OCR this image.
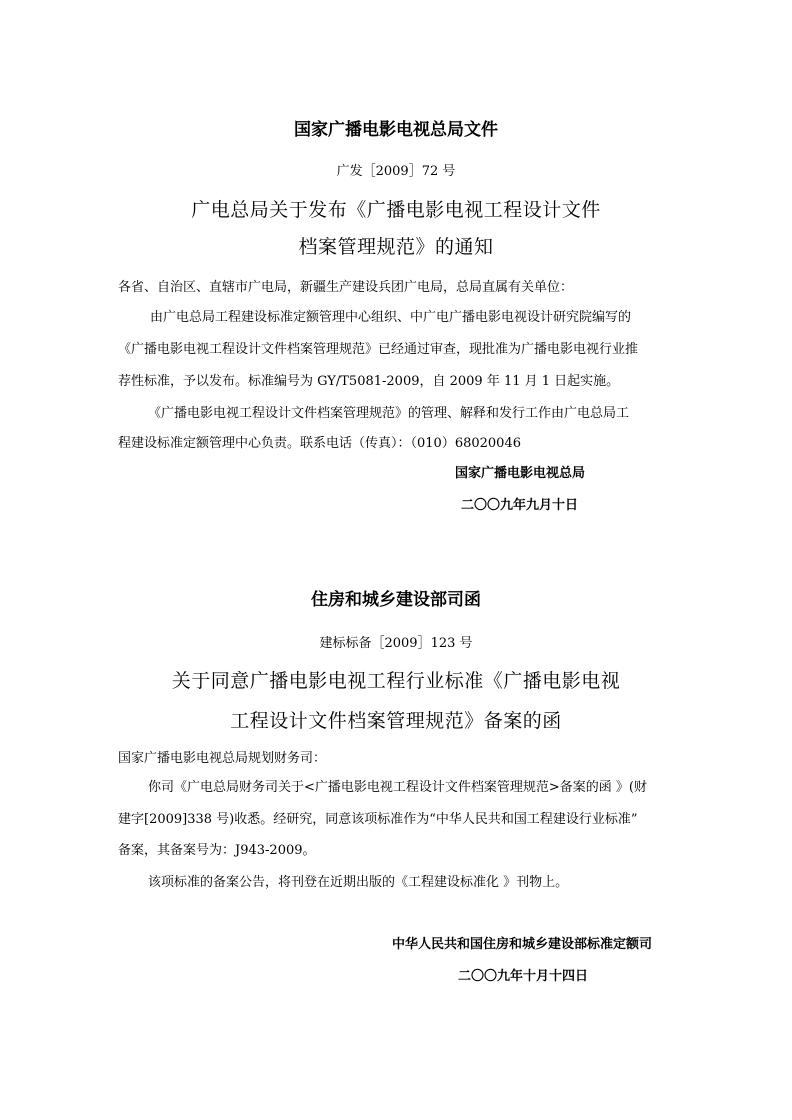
国家广播电影电视总局文件
广发［2009］72 号
广电总局关于发布《广播电影电视工程设计文件
档案管理规范》的通知
各省、自治区、直辖市广电局，新疆生产建设兵团广电局，总局直属有关单位：
由广电总局工程建设标准定额管理中心组织、中广电广播电影电视设计研究院编写的
《广播电影电视工程设计文件档案管理规范》已经通过审查，现批准为广播电影电视行业推
荐性标准，予以发布。标准编号为 GY/T5081-2009，自 2009 年 11 月 1 日起实施。
《广播电影电视工程设计文件档案管理规范》的管理、解释和发行工作由广电总局工
程建设标准定额管理中心负责。联系电话（传真）：（010）68020046
国家广播电影电视总局
二〇〇九年九月十日
住房和城乡建设部司函
建标标备［2009］123 号
关于同意广播电影电视工程行业标准《广播电影电视
工程设计文件档案管理规范》备案的函
国家广播电影电视总局规划财务司：
你司《广电总局财务司关于<广播电影电视工程设计文件档案管理规范>备案的函 》(财
建字[2009]338 号)收悉。经研究，同意该项标准作为“中华人民共和国工程建设行业标准”
备案，其备案号为：J943-2009。
该项标准的备案公告，将刊登在近期出版的《工程建设标准化 》刊物上。
中华人民共和国住房和城乡建设部标准定额司
二〇〇九年十月十四日
